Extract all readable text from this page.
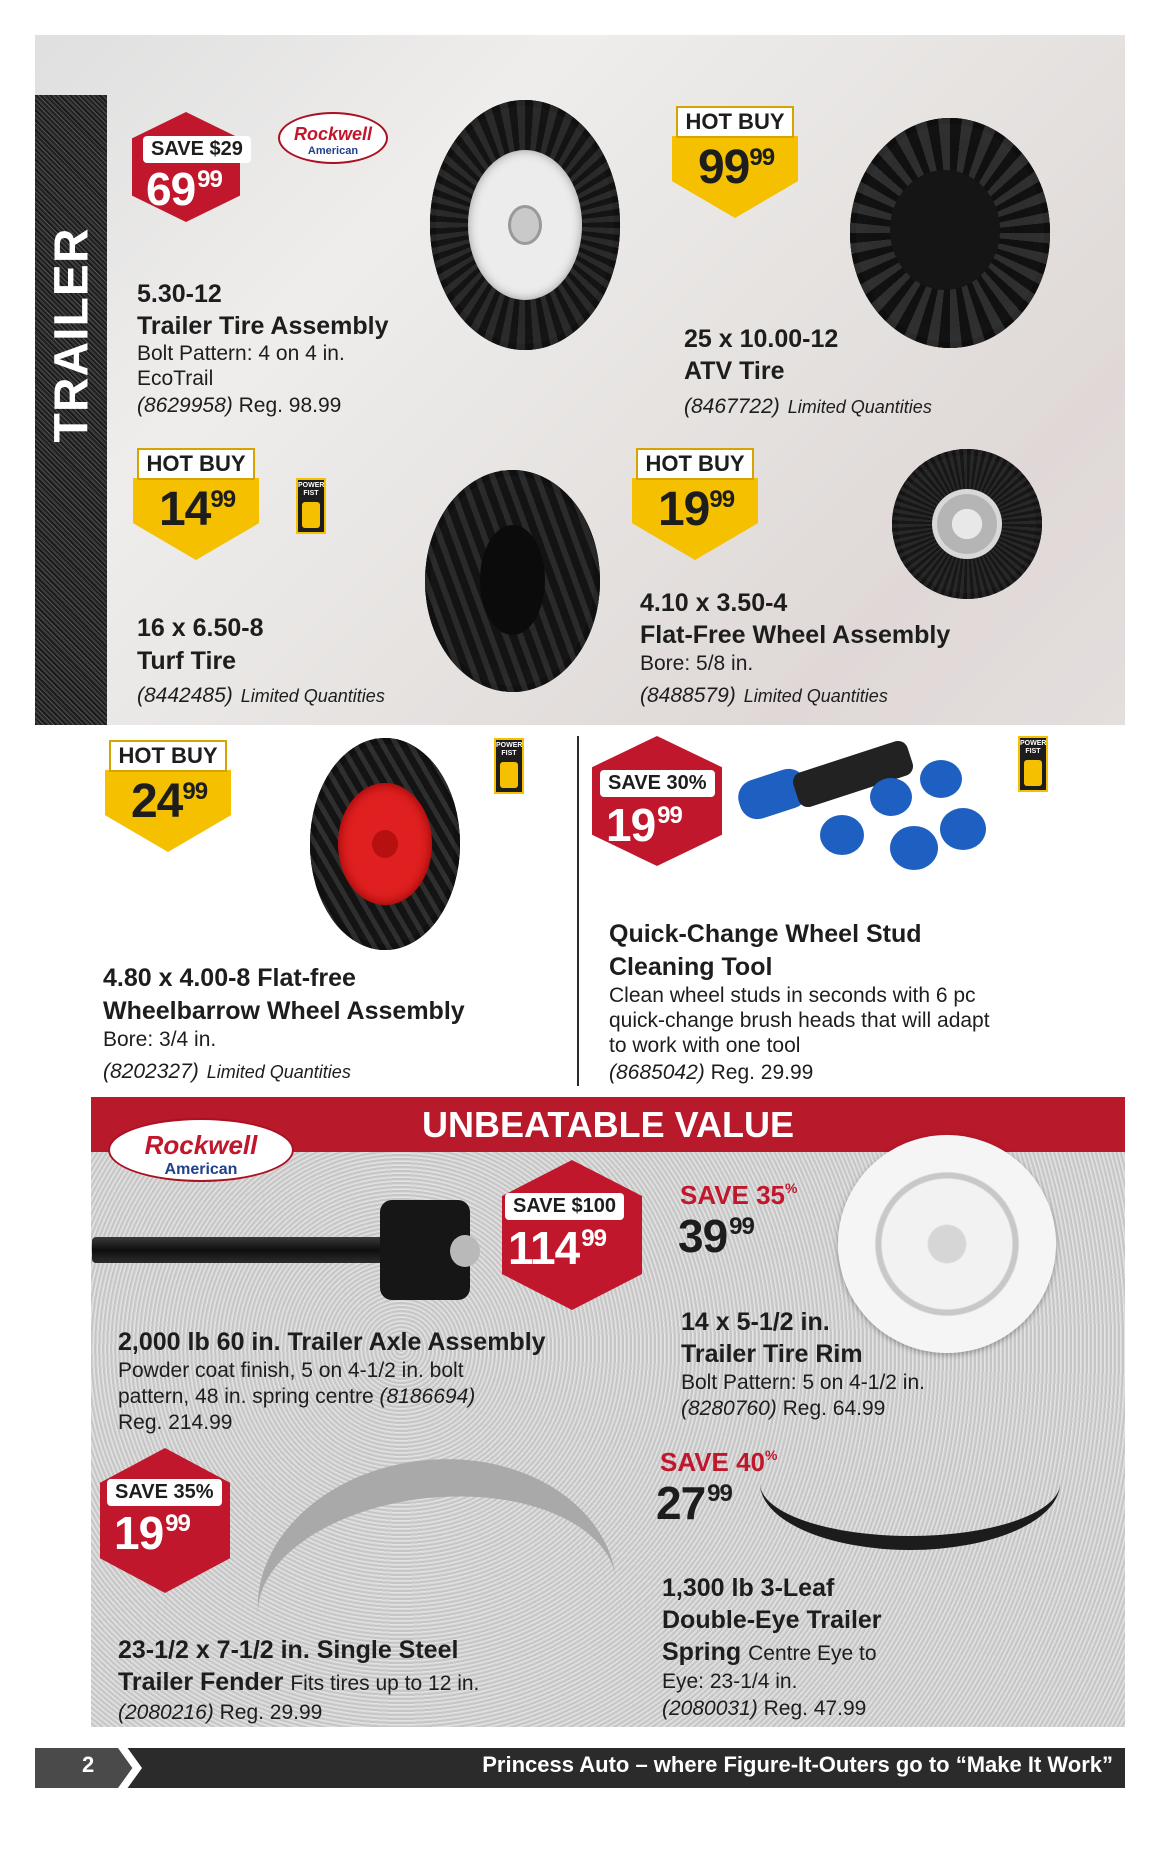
TRAILER
SAVE $29
$69^{99}$
Rockwell
American
5.30-12
Trailer Tire Assembly
Bolt Pattern: 4 on 4 in.
EcoTrail
(8629958) Reg. 98.99
HOT BUY
$99^{99}$
25 x 10.00-12
ATV Tire
(8467722) Limited Quantities
HOT BUY
$14^{99}$
POWER FIST
16 x 6.50-8
Turf Tire
(8442485) Limited Quantities
HOT BUY
$19^{99}$
4.10 x 3.50-4
Flat-Free Wheel Assembly
Bore: 5/8 in.
(8488579) Limited Quantities
HOT BUY
$24^{99}$
POWER FIST
4.80 x 4.00-8 Flat-free
Wheelbarrow Wheel Assembly
Bore: 3/4 in.
(8202327) Limited Quantities
SAVE 30%
$19^{99}$
POWER FIST
Quick-Change Wheel Stud
Cleaning Tool
Clean wheel studs in seconds with 6 pc
quick-change brush heads that will adapt
to work with one tool
(8685042) Reg. 29.99
UNBEATABLE VALUE
Rockwell
American
SAVE $100
$114^{99}$
2,000 lb 60 in. Trailer Axle Assembly
Powder coat finish, 5 on 4-1/2 in. bolt
pattern, 48 in. spring centre (8186694)
Reg. 214.99
SAVE 35%
$39^{99}$
14 x 5-1/2 in.
Trailer Tire Rim
Bolt Pattern: 5 on 4-1/2 in.
(8280760) Reg. 64.99
SAVE 35%
$19^{99}$
23-1/2 x 7-1/2 in. Single Steel
Trailer Fender Fits tires up to 12 in.
(2080216) Reg. 29.99
SAVE 40%
$27^{99}$
1,300 lb 3-Leaf
Double-Eye Trailer
Spring Centre Eye to
Eye: 23-1/4 in.
(2080031) Reg. 47.99
2	Princess Auto – where Figure-It-Outers go to “Make It Work”
